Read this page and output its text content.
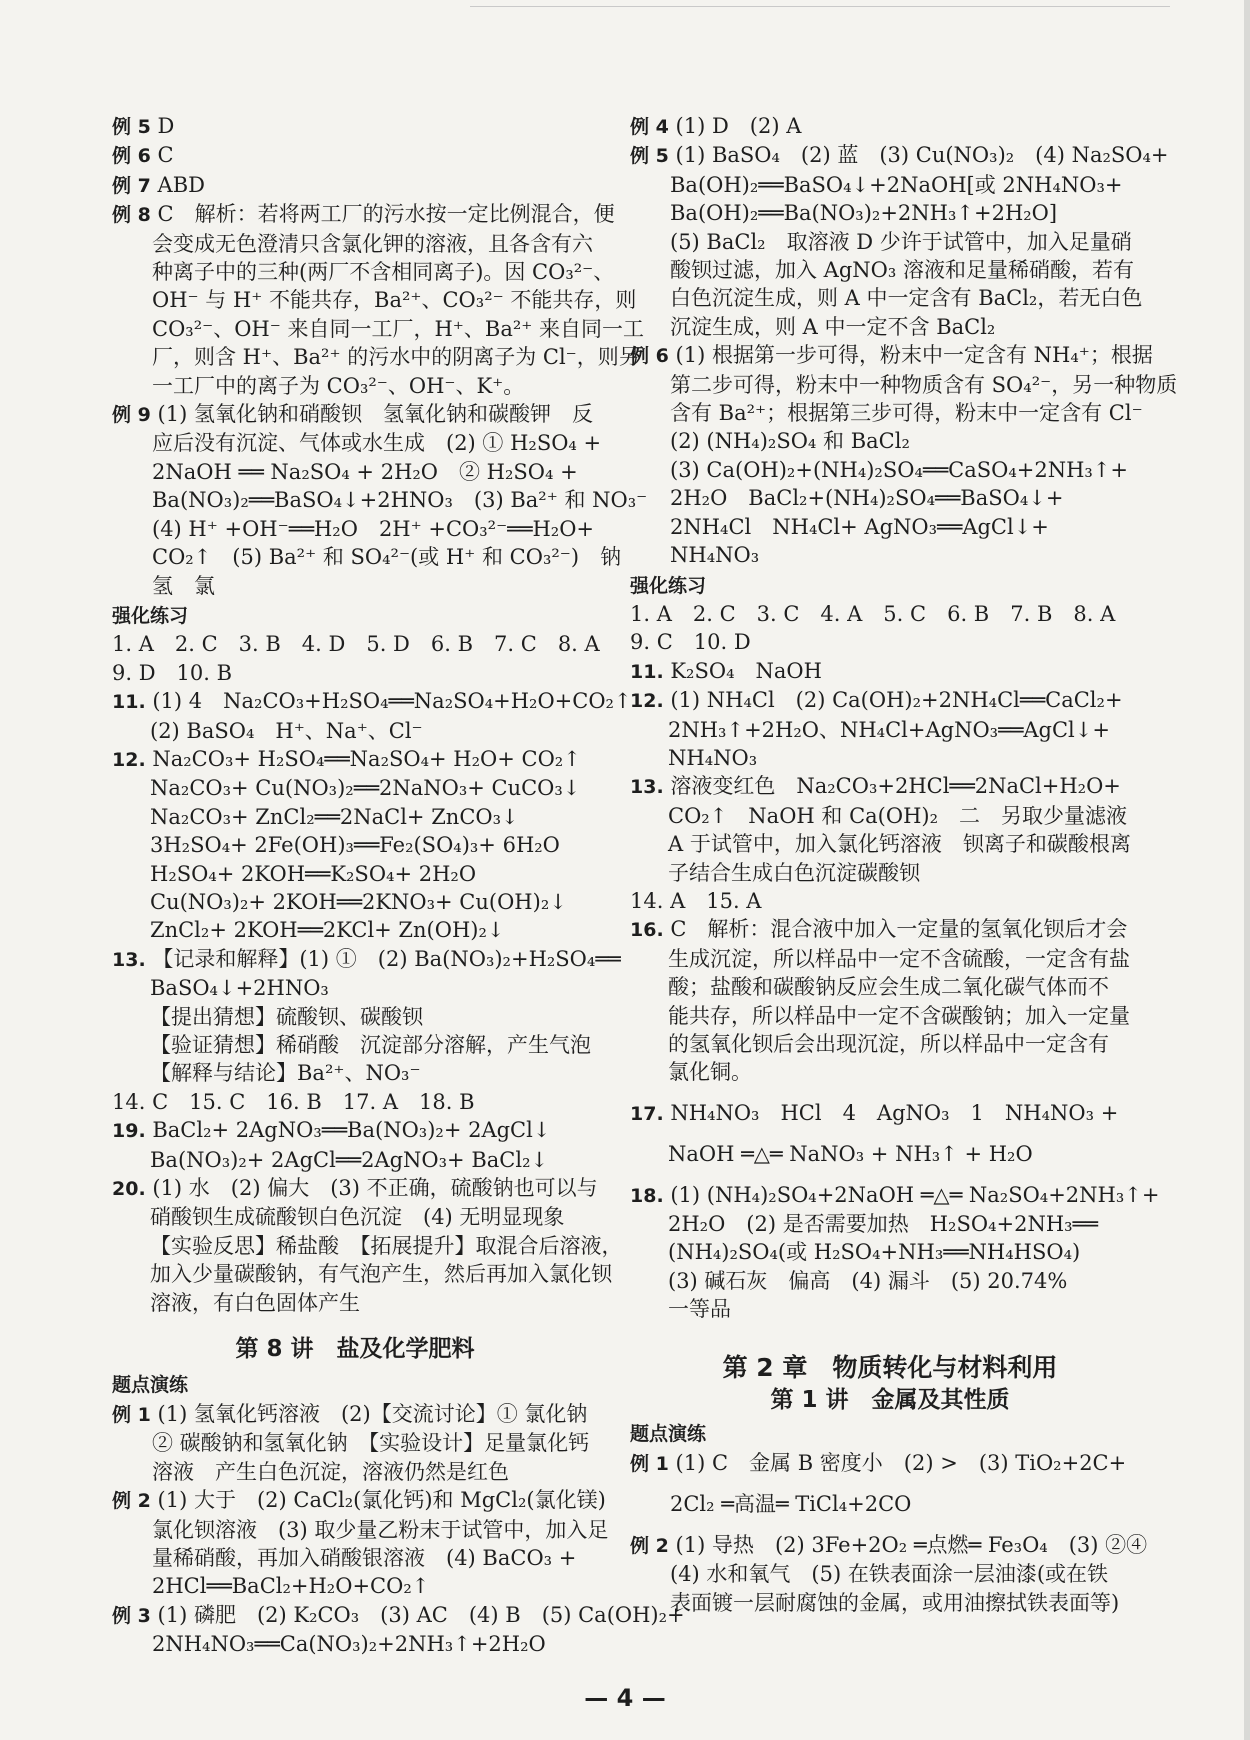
例 5 D
例 6 C
例 7 ABD
例 8 C　解析：若将两工厂的污水按一定比例混合，便
会变成无色澄清只含氯化钾的溶液，且各含有六
种离子中的三种(两厂不含相同离子)。因 CO₃²⁻、
OH⁻ 与 H⁺ 不能共存，Ba²⁺、CO₃²⁻ 不能共存，则
CO₃²⁻、OH⁻ 来自同一工厂，H⁺、Ba²⁺ 来自同一工
厂，则含 H⁺、Ba²⁺ 的污水中的阴离子为 Cl⁻，则另
一工厂中的离子为 CO₃²⁻、OH⁻、K⁺。
例 9 (1) 氢氧化钠和硝酸钡　氢氧化钠和碳酸钾　反
应后没有沉淀、气体或水生成　(2) ① H₂SO₄ +
2NaOH ══ Na₂SO₄ + 2H₂O　② H₂SO₄ +
Ba(NO₃)₂══BaSO₄↓+2HNO₃　(3) Ba²⁺ 和 NO₃⁻
(4) H⁺ +OH⁻══H₂O　2H⁺ +CO₃²⁻══H₂O+
CO₂↑　(5) Ba²⁺ 和 SO₄²⁻(或 H⁺ 和 CO₃²⁻)　钠
氢　氯
强化练习
1. A　2. C　3. B　4. D　5. D　6. B　7. C　8. A
9. D　10. B
11. (1) 4　Na₂CO₃+H₂SO₄══Na₂SO₄+H₂O+CO₂↑
(2) BaSO₄　H⁺、Na⁺、Cl⁻
12. Na₂CO₃+ H₂SO₄══Na₂SO₄+ H₂O+ CO₂↑
Na₂CO₃+ Cu(NO₃)₂══2NaNO₃+ CuCO₃↓
Na₂CO₃+ ZnCl₂══2NaCl+ ZnCO₃↓
3H₂SO₄+ 2Fe(OH)₃══Fe₂(SO₄)₃+ 6H₂O
H₂SO₄+ 2KOH══K₂SO₄+ 2H₂O
Cu(NO₃)₂+ 2KOH══2KNO₃+ Cu(OH)₂↓
ZnCl₂+ 2KOH══2KCl+ Zn(OH)₂↓
13. 【记录和解释】(1) ①　(2) Ba(NO₃)₂+H₂SO₄══
BaSO₄↓+2HNO₃
【提出猜想】硫酸钡、碳酸钡
【验证猜想】稀硝酸　沉淀部分溶解，产生气泡
【解释与结论】Ba²⁺、NO₃⁻
14. C　15. C　16. B　17. A　18. B
19. BaCl₂+ 2AgNO₃══Ba(NO₃)₂+ 2AgCl↓
Ba(NO₃)₂+ 2AgCl══2AgNO₃+ BaCl₂↓
20. (1) 水　(2) 偏大　(3) 不正确，硫酸钠也可以与
硝酸钡生成硫酸钡白色沉淀　(4) 无明显现象
【实验反思】稀盐酸　【拓展提升】取混合后溶液，
加入少量碳酸钠，有气泡产生，然后再加入氯化钡
溶液，有白色固体产生
第 8 讲　盐及化学肥料
题点演练
例 1 (1) 氢氧化钙溶液　(2)【交流讨论】① 氯化钠
② 碳酸钠和氢氧化钠　【实验设计】足量氯化钙
溶液　产生白色沉淀，溶液仍然是红色
例 2 (1) 大于　(2) CaCl₂(氯化钙)和 MgCl₂(氯化镁)
氯化钡溶液　(3) 取少量乙粉末于试管中，加入足
量稀硝酸，再加入硝酸银溶液　(4) BaCO₃ +
2HCl══BaCl₂+H₂O+CO₂↑
例 3 (1) 磷肥　(2) K₂CO₃　(3) AC　(4) B　(5) Ca(OH)₂+
2NH₄NO₃══Ca(NO₃)₂+2NH₃↑+2H₂O
例 4 (1) D　(2) A
例 5 (1) BaSO₄　(2) 蓝　(3) Cu(NO₃)₂　(4) Na₂SO₄+
Ba(OH)₂══BaSO₄↓+2NaOH[或 2NH₄NO₃+
Ba(OH)₂══Ba(NO₃)₂+2NH₃↑+2H₂O]
(5) BaCl₂　取溶液 D 少许于试管中，加入足量硝
酸钡过滤，加入 AgNO₃ 溶液和足量稀硝酸，若有
白色沉淀生成，则 A 中一定含有 BaCl₂，若无白色
沉淀生成，则 A 中一定不含 BaCl₂
例 6 (1) 根据第一步可得，粉末中一定含有 NH₄⁺；根据
第二步可得，粉末中一种物质含有 SO₄²⁻，另一种物质
含有 Ba²⁺；根据第三步可得，粉末中一定含有 Cl⁻
(2) (NH₄)₂SO₄ 和 BaCl₂
(3) Ca(OH)₂+(NH₄)₂SO₄══CaSO₄+2NH₃↑+
2H₂O　BaCl₂+(NH₄)₂SO₄══BaSO₄↓+
2NH₄Cl　NH₄Cl+ AgNO₃══AgCl↓+
NH₄NO₃
强化练习
1. A　2. C　3. C　4. A　5. C　6. B　7. B　8. A
9. C　10. D
11. K₂SO₄　NaOH
12. (1) NH₄Cl　(2) Ca(OH)₂+2NH₄Cl══CaCl₂+
2NH₃↑+2H₂O、NH₄Cl+AgNO₃══AgCl↓+
NH₄NO₃
13. 溶液变红色　Na₂CO₃+2HCl══2NaCl+H₂O+
CO₂↑　NaOH 和 Ca(OH)₂　二　另取少量滤液
A 于试管中，加入氯化钙溶液　钡离子和碳酸根离
子结合生成白色沉淀碳酸钡
14. A　15. A
16. C　解析：混合液中加入一定量的氢氧化钡后才会
生成沉淀，所以样品中一定不含硫酸，一定含有盐
酸；盐酸和碳酸钠反应会生成二氧化碳气体而不
能共存，所以样品中一定不含碳酸钠；加入一定量
的氢氧化钡后会出现沉淀，所以样品中一定含有
氯化铜。
17. NH₄NO₃　HCl　4　AgNO₃　1　NH₄NO₃ +
NaOH ═△═ NaNO₃ + NH₃↑ + H₂O
18. (1) (NH₄)₂SO₄+2NaOH ═△═ Na₂SO₄+2NH₃↑+
2H₂O　(2) 是否需要加热　H₂SO₄+2NH₃══
(NH₄)₂SO₄(或 H₂SO₄+NH₃══NH₄HSO₄)
(3) 碱石灰　偏高　(4) 漏斗　(5) 20.74%
一等品
第 2 章　物质转化与材料利用
第 1 讲　金属及其性质
题点演练
例 1 (1) C　金属 B 密度小　(2) >　(3) TiO₂+2C+
2Cl₂ ═高温═ TiCl₄+2CO
例 2 (1) 导热　(2) 3Fe+2O₂ ═点燃═ Fe₃O₄　(3) ②④
(4) 水和氧气　(5) 在铁表面涂一层油漆(或在铁
表面镀一层耐腐蚀的金属，或用油擦拭铁表面等)
— 4 —
